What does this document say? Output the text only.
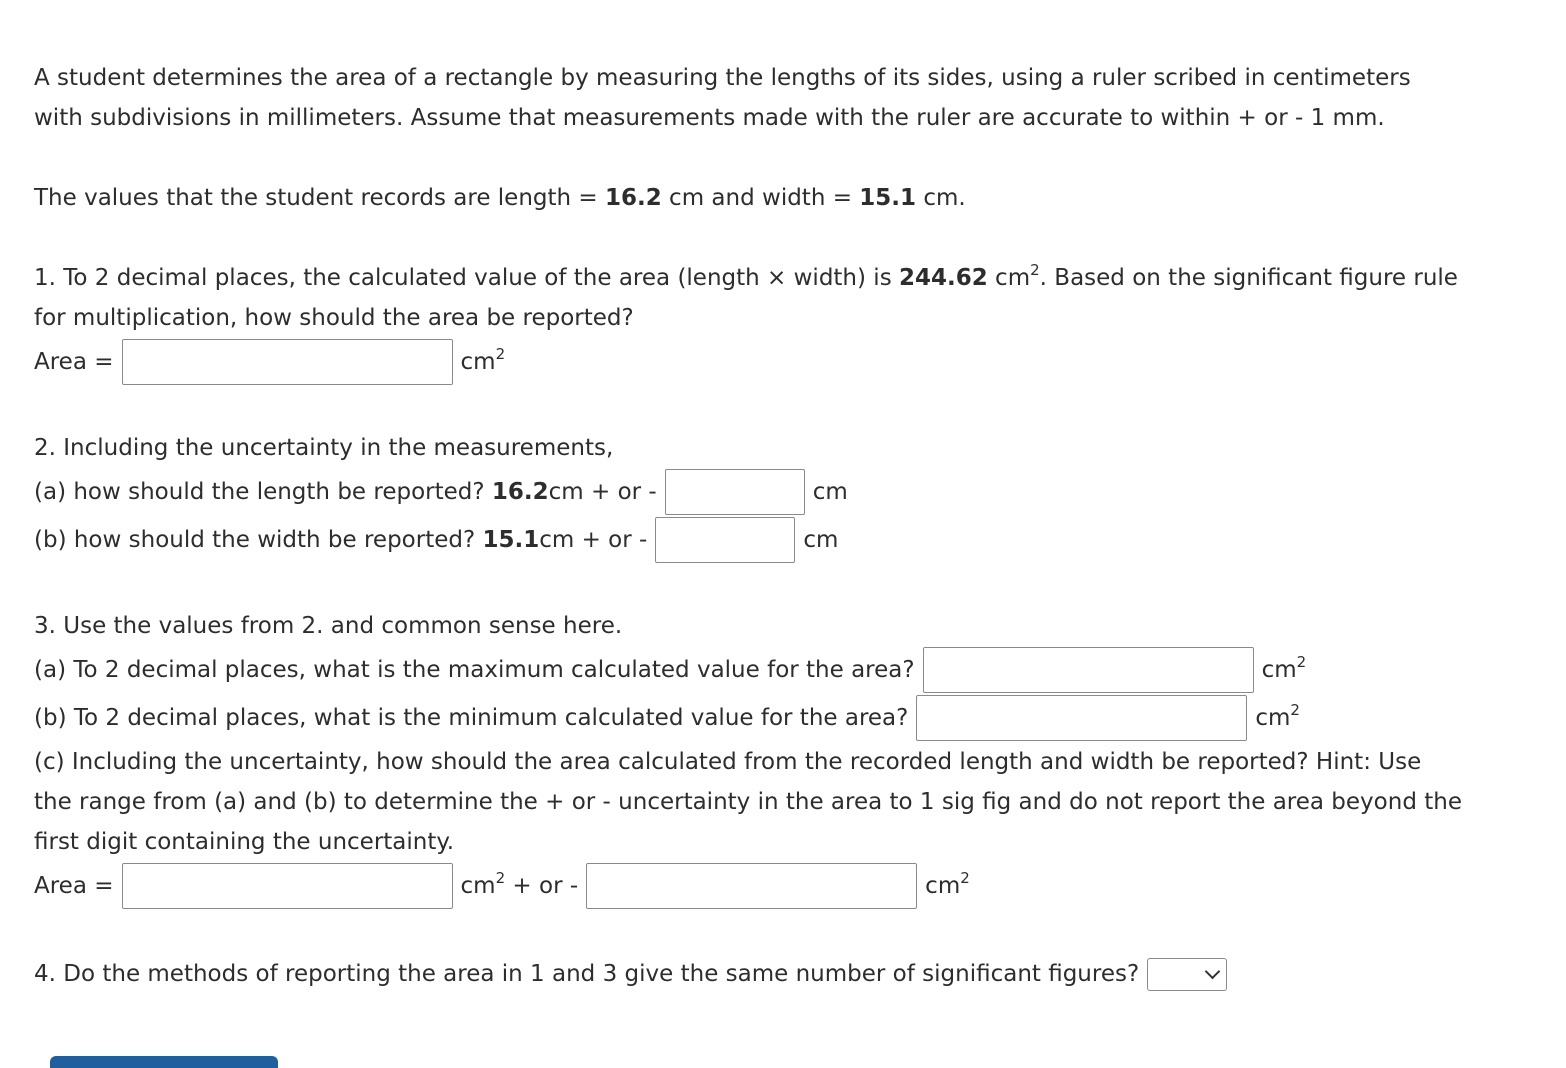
A student determines the area of a rectangle by measuring the lengths of its sides, using a ruler scribed in centimeters

with subdivisions in millimeters. Assume that measurements made with the ruler are accurate to within + or - 1 mm.

The values that the student records are length = 16.2 cm and width = 15.1 cm.

1. To 2 decimal places, the calculated value of the area (length × width) is 244.62 $cm^2$. Based on the significant figure rule

for multiplication, how should the area be reported?

Area =	$cm^2$

2. Including the uncertainty in the measurements,

(a) how should the length be reported?
16.2 cm + or -	cm
(b) how should the width be reported?
15.1 cm + or -	cm

3. Use the values from 2. and common sense here.

(a) To 2 decimal places, what is the maximum calculated value for the area?	$cm^2$
(b) To 2 decimal places, what is the minimum calculated value for the area?	$cm^2$

(c) Including the uncertainty, how should the area calculated from the recorded length and width be reported? Hint: Use

the range from (a) and (b) to determine the + or - uncertainty in the area to 1 sig fig and do not report the area beyond the

first digit containing the uncertainty.

Area =	$cm^2$ + or -	$cm^2$
4. Do the methods of reporting the area in 1 and 3 give the same number of significant figures?
